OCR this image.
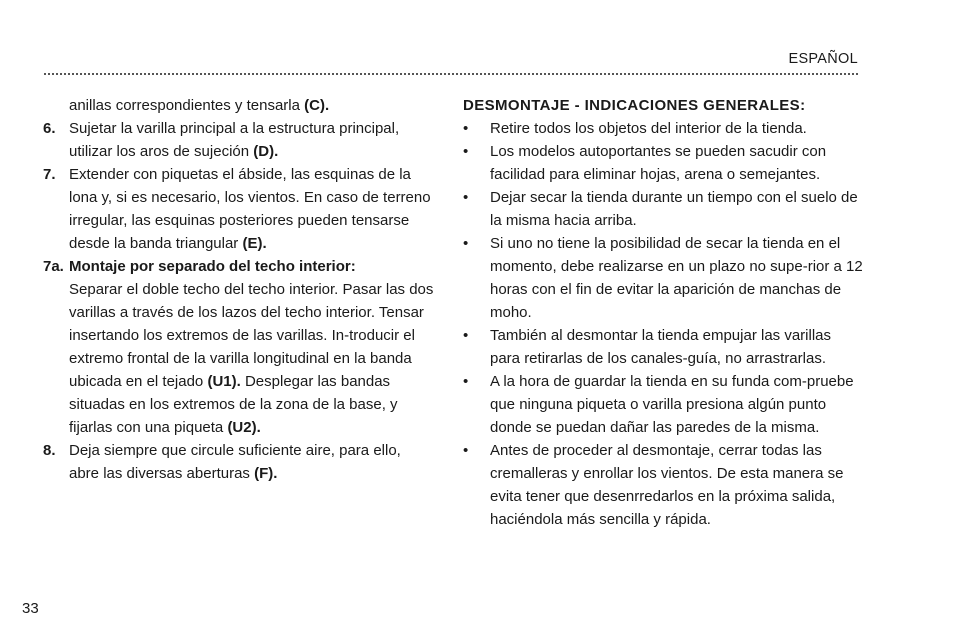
ESPAÑOL

anillas correspondientes y tensarla (C).

6. Sujetar la varilla principal a la estructura principal, utilizar los aros de sujeción (D).
7. Extender con piquetas el ábside, las esquinas de la lona y, si es necesario, los vientos. En caso de terreno irregular, las esquinas posteriores pueden tensarse desde la banda triangular (E).
7a. Montaje por separado del techo interior:
Separar el doble techo del techo interior. Pasar las dos varillas a través de los lazos del techo interior. Tensar insertando los extremos de las varillas. In-troducir el extremo frontal de la varilla longitudinal en la banda ubicada en el tejado (U1). Desplegar las bandas situadas en los extremos de la zona de la base, y fijarlas con una piqueta (U2).
8. Deja siempre que circule suficiente aire, para ello, abre las diversas aberturas (F).

DESMONTAJE - INDICACIONES GENERALES:

•	Retire todos los objetos del interior de la tienda.
•	Los modelos autoportantes se pueden sacudir con facilidad para eliminar hojas, arena o semejantes.
•	Dejar secar la tienda durante un tiempo con el suelo de la misma hacia arriba.
•	Si uno no tiene la posibilidad de secar la tienda en el momento, debe realizarse en un plazo no supe-rior a 12 horas con el fin de evitar la aparición de manchas de moho.
•	También al desmontar la tienda empujar las varillas para retirarlas de los canales-guía, no arrastrarlas.
•	A la hora de guardar la tienda en su funda com-pruebe que ninguna piqueta o varilla presiona algún punto donde se puedan dañar las paredes de la misma.
•	Antes de proceder al desmontaje, cerrar todas las cremalleras y enrollar los vientos. De esta manera se evita tener que desenrredarlos en la próxima salida, haciéndola más sencilla y rápida.
33
